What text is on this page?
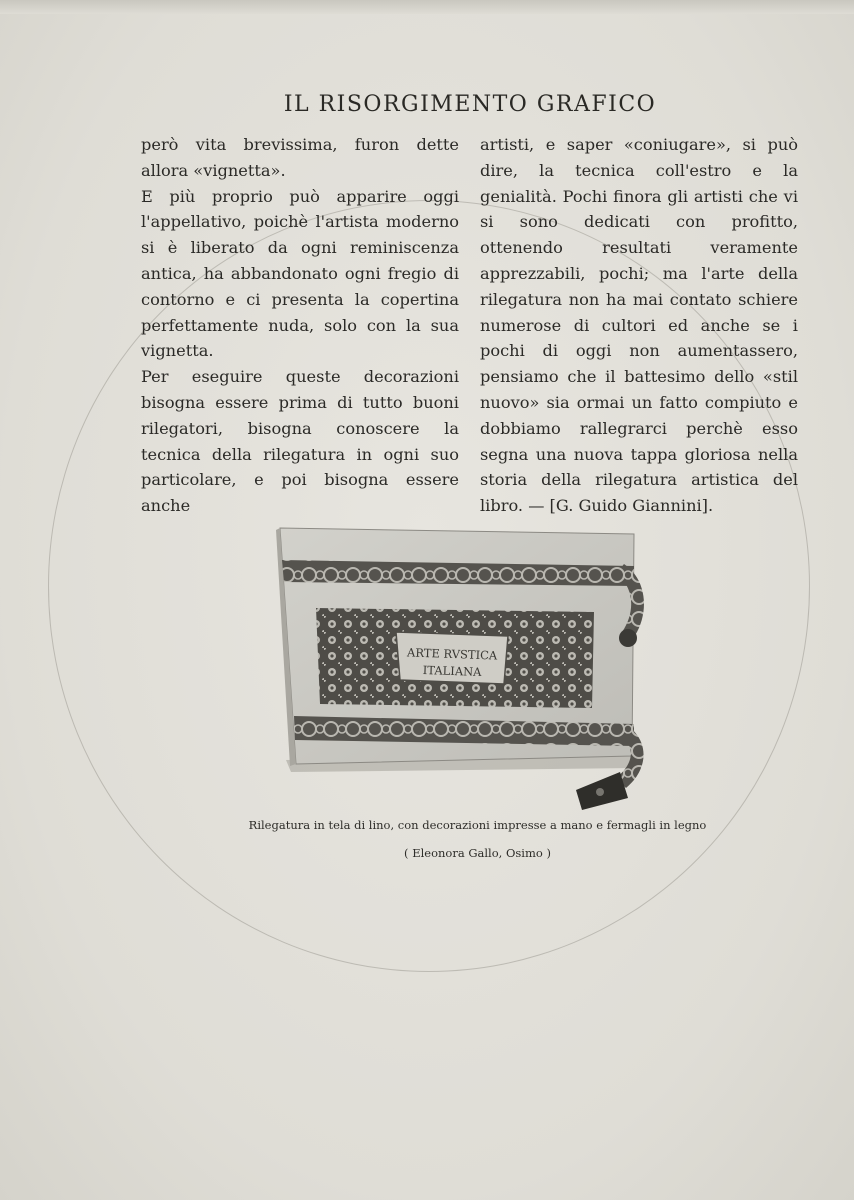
IL RISORGIMENTO GRAFICO

però vita brevissima, furon dette allora «vignetta».

E più proprio può apparire oggi l'appellativo, poichè l'artista moderno si è liberato da ogni reminiscenza antica, ha abbandonato ogni fregio di contorno e ci presenta la copertina perfettamente nuda, solo con la sua vignetta.

Per eseguire queste decorazioni bisogna essere prima di tutto buoni rilegatori, bisogna conoscere la tecnica della rilegatura in ogni suo particolare, e poi bisogna essere anche

artisti, e saper «coniugare», si può dire, la tecnica coll'estro e la genialità. Pochi finora gli artisti che vi si sono dedicati con profitto, ottenendo resultati veramente apprezzabili, pochi; ma l'arte della rilegatura non ha mai contato schiere numerose di cultori ed anche se i pochi di oggi non aumentassero, pensiamo che il battesimo dello «stil nuovo» sia ormai un fatto compiuto e dobbiamo rallegrarci perchè esso segna una nuova tappa gloriosa nella storia della rilegatura artistica del libro. — [G. Guido Giannini].

ARTE RVSTICA
ITALIANA
Rilegatura in tela di lino, con decorazioni impresse a mano e fermagli in legno
( Eleonora Gallo, Osimo )
